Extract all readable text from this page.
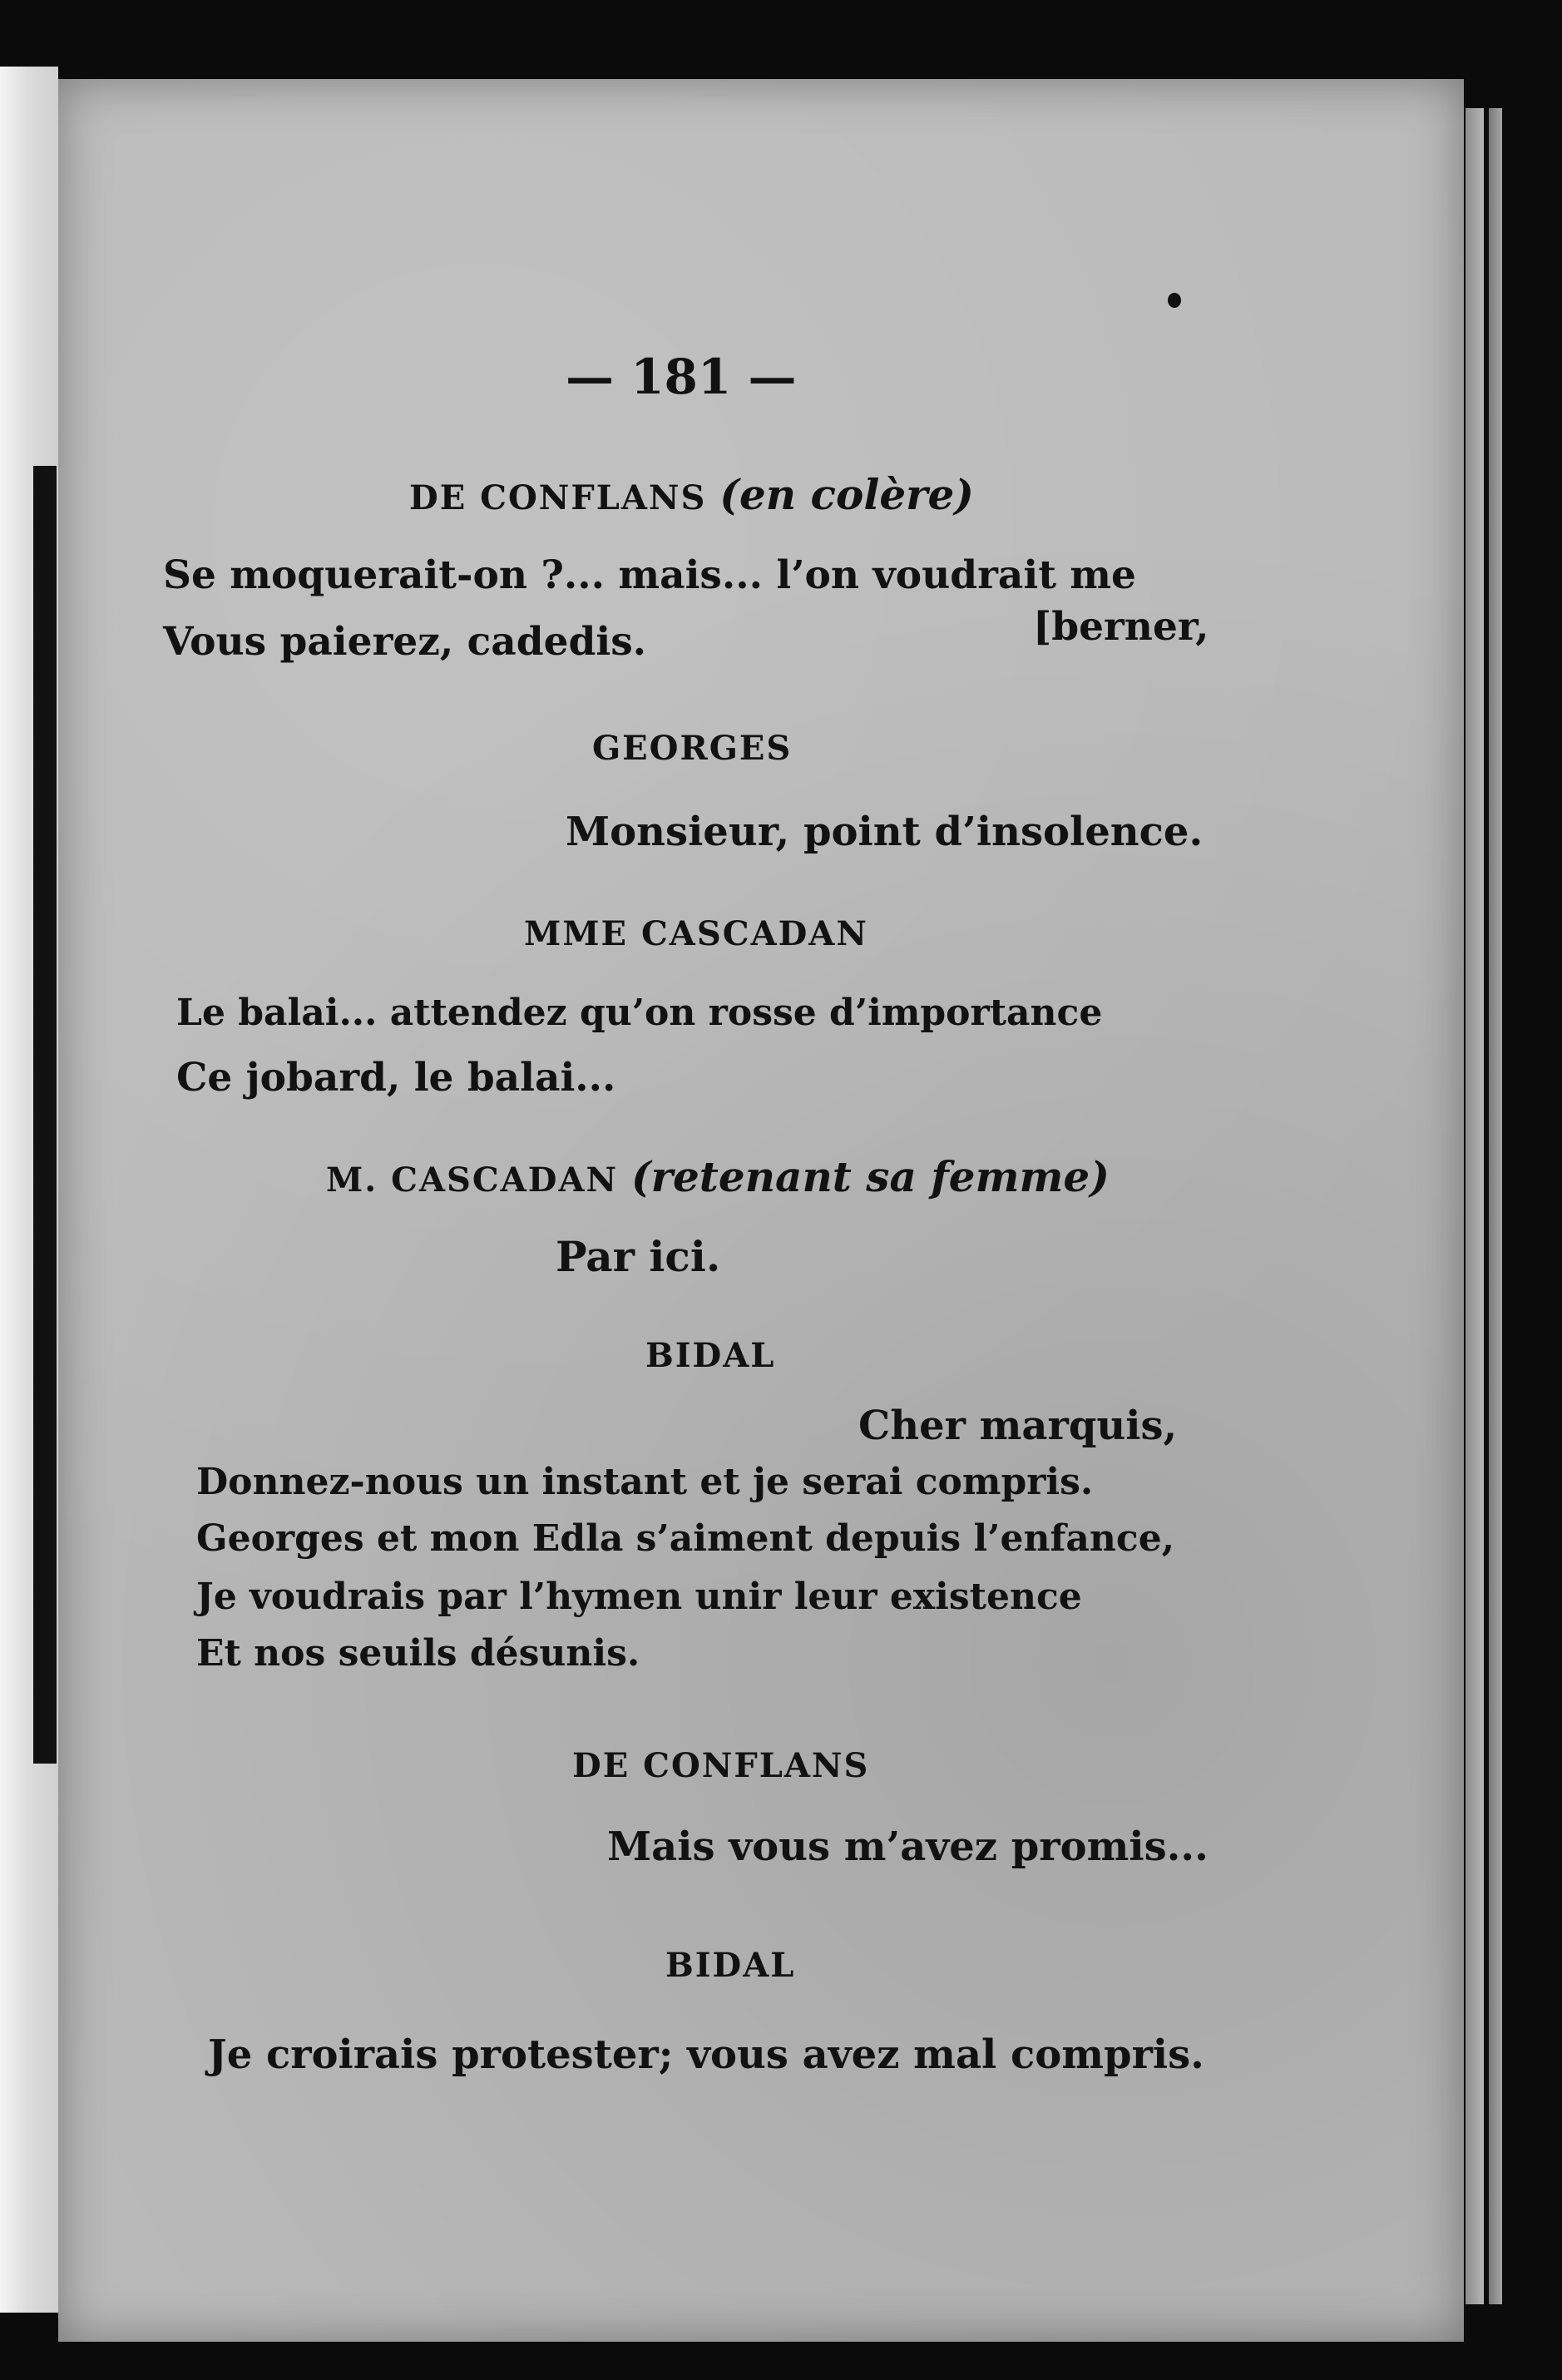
— 181 —

DE CONFLANS (en colère)

Se moquerait-on ?... mais... l’on voudrait me

[berner,

Vous paierez, cadedis.

GEORGES

Monsieur, point d’insolence.

MME CASCADAN

Le balai... attendez qu’on rosse d’importance

Ce jobard, le balai...

M. CASCADAN (retenant sa femme)

Par ici.

BIDAL

Cher marquis,

Donnez-nous un instant et je serai compris.

Georges et mon Edla s’aiment depuis l’enfance,

Je voudrais par l’hymen unir leur existence

Et nos seuils désunis.

DE CONFLANS

Mais vous m’avez promis...

BIDAL

Je croirais protester; vous avez mal compris.
